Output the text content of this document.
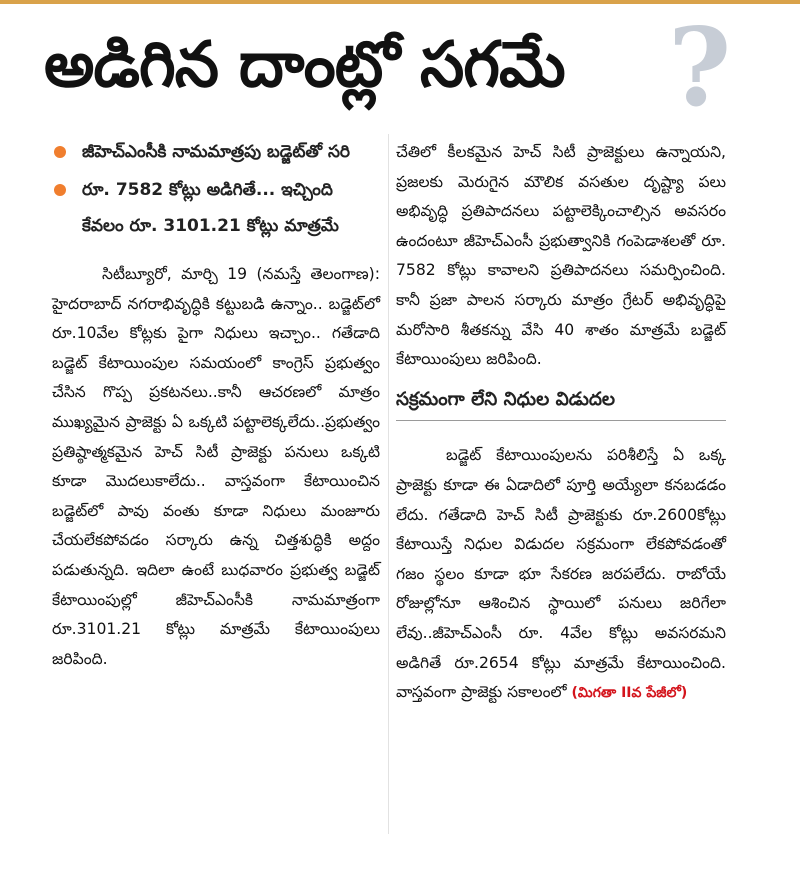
అడిగిన దాంట్లో సగమే ?
జీహెచ్‌ఎంసీకి నామమాత్రపు బడ్జెట్‌తో సరి
రూ. 7582 కోట్లు అడిగితే... ఇచ్చింది కేవలం రూ. 3101.21 కోట్లు మాత్రమే

సిటీబ్యూరో, మార్చి 19 (నమస్తే తెలంగాణ): హైదరాబాద్ నగరాభివృద్ధికి కట్టుబడి ఉన్నాం.. బడ్జెట్‌లో రూ.10వేల కోట్లకు పైగా నిధులు ఇచ్చాం.. గతేడాది బడ్జెట్ కేటాయింపుల సమయంలో కాంగ్రెస్ ప్రభుత్వం చేసిన గొప్ప ప్రకటనలు..కానీ ఆచరణలో మాత్రం ముఖ్యమైన ప్రాజెక్టు ఏ ఒక్కటి పట్టాలెక్కలేదు..ప్రభుత్వం ప్రతిష్ఠాత్మకమైన హెచ్ సిటీ ప్రాజెక్టు పనులు ఒక్కటి కూడా మొదలుకాలేదు.. వాస్తవంగా కేటాయించిన బడ్జెట్‌లో పావు వంతు కూడా నిధులు మంజూరు చేయలేకపోవడం సర్కారు ఉన్న చిత్తశుద్ధికి అద్దం పడుతున్నది. ఇదిలా ఉంటే బుధవారం ప్రభుత్వ బడ్జెట్ కేటాయింపుల్లో జీహెచ్‌ఎంసీకి నామమాత్రంగా రూ.3101.21 కోట్లు మాత్రమే కేటాయింపులు జరిపింది.

చేతిలో కీలకమైన హెచ్ సిటీ ప్రాజెక్టులు ఉన్నాయని, ప్రజలకు మెరుగైన మౌలిక వసతుల దృష్ట్యా పలు అభివృద్ధి ప్రతిపాదనలు పట్టాలెక్కించాల్సిన అవసరం ఉందంటూ జీహెచ్‌ఎంసీ ప్రభుత్వానికి గంపెడాశలతో రూ. 7582 కోట్లు కావాలని ప్రతిపాదనలు సమర్పించింది. కానీ ప్రజా పాలన సర్కారు మాత్రం గ్రేటర్ అభివృద్ధిపై మరోసారి శీతకన్ను వేసి 40 శాతం మాత్రమే బడ్జెట్ కేటాయింపులు జరిపింది.

సక్రమంగా లేని నిధుల విడుదల

బడ్జెట్ కేటాయింపులను పరిశీలిస్తే ఏ ఒక్క ప్రాజెక్టు కూడా ఈ ఏడాదిలో పూర్తి అయ్యేలా కనబడడం లేదు. గతేడాది హెచ్ సిటీ ప్రాజెక్టుకు రూ.2600కోట్లు కేటాయిస్తే నిధుల విడుదల సక్రమంగా లేకపోవడంతో గజం స్థలం కూడా భూ సేకరణ జరపలేదు. రాబోయే రోజుల్లోనూ ఆశించిన స్థాయిలో పనులు జరిగేలా లేవు..జీహెచ్‌ఎంసీ రూ. 4వేల కోట్లు అవసరమని అడిగితే రూ.2654 కోట్లు మాత్రమే కేటాయించింది. వాస్తవంగా ప్రాజెక్టు సకాలంలో (మిగతా IIవ పేజీలో)
